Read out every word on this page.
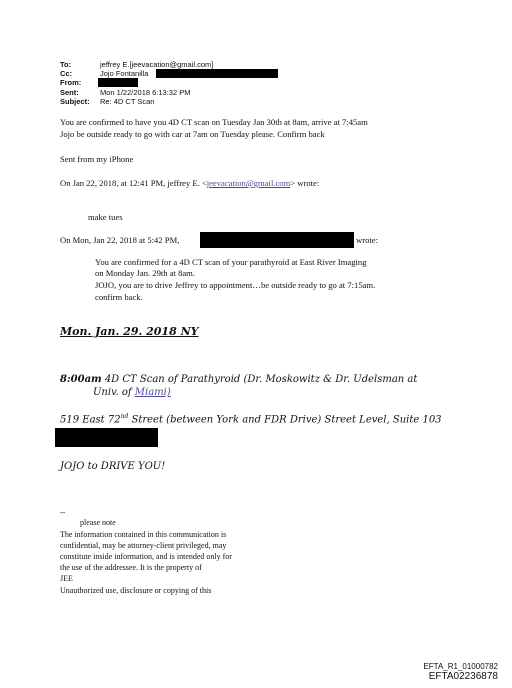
To:	jeffrey E.[jeevacation@gmail.com]
Cc:	Jojo Fontanilla
From:
Sent:	Mon 1/22/2018 6:13:32 PM
Subject: Re: 4D CT Scan
You are confirmed to have you 4D CT scan on Tuesday Jan 30th at 8am, arrive at 7:45am
Jojo be outside ready to go with car at 7am on Tuesday please. Confirm back
Sent from my iPhone
On Jan 22, 2018, at 12:41 PM, jeffrey E. <jeevacation@gmail.com> wrote:
make tues
On Mon, Jan 22, 2018 at 5:42 PM,	wrote:
You are confirmed for a 4D CT scan of your parathyroid at East River Imaging
on Monday Jan. 29th at 8am.
JOJO, you are to drive Jeffrey to appointment…be outside ready to go at 7:15am.
confirm back.
Mon. Jan. 29. 2018 NY
8:00am 4D CT Scan of Parathyroid (Dr. Moskowitz & Dr. Udelsman at
Univ. of Miami)
519 East 72nd Street (between York and FDR Drive) Street Level, Suite 103
JOJO to DRIVE YOU!
--
please note
The information contained in this communication is
confidential, may be attorney-client privileged, may
constitute inside information, and is intended only for
the use of the addressee. It is the property of
JEE
Unauthorized use, disclosure or copying of this
EFTA_R1_01000782
EFTA02236878
